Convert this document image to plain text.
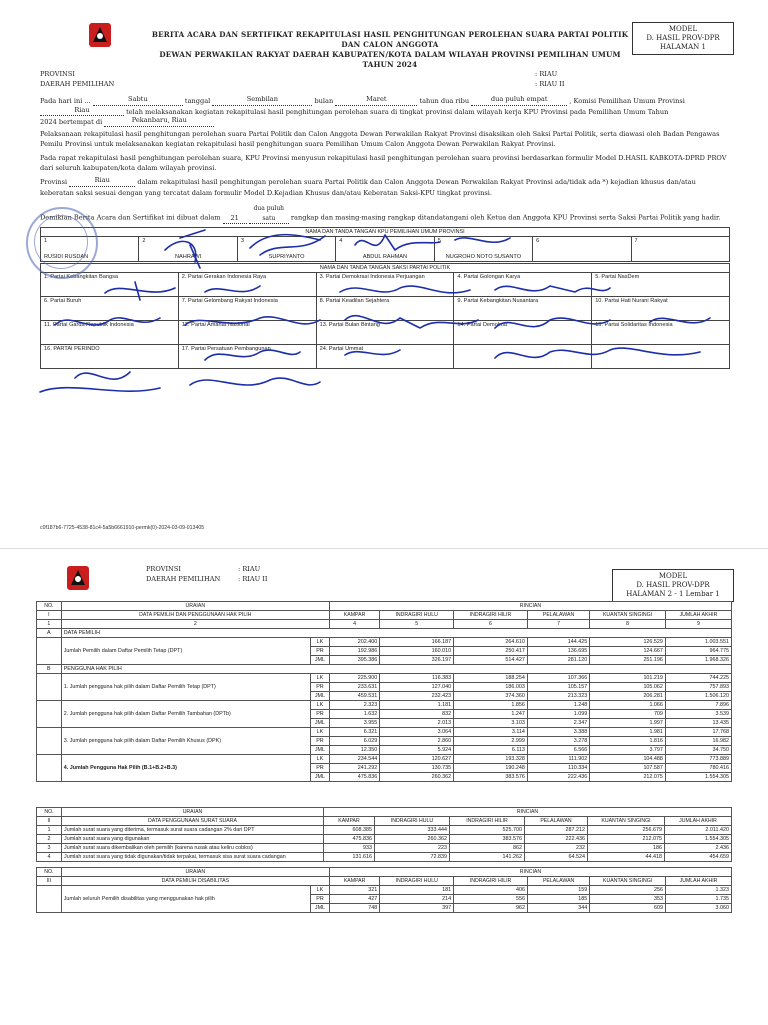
BERITA ACARA DAN SERTIFIKAT REKAPITULASI HASIL PENGHITUNGAN PEROLEHAN SUARA PARTAI POLITIK DAN CALON ANGGOTA
DEWAN PERWAKILAN RAKYAT DAERAH KABUPATEN/KOTA DALAM WILAYAH PROVINSI PEMILIHAN UMUM TAHUN 2024
MODEL
D. HASIL PROV-DPR
HALAMAN 1
PROVINSI
DAERAH PEMILIHAN
: RIAU
: RIAU II
Pada hari ini ...	Sabtu	tanggal	Sembilan	bulan	Maret	tahun dua ribu	dua puluh empat	, Komisi Pemilihan Umum Provinsi
Riau	telah melaksanakan kegiatan rekapitulasi hasil penghitungan perolehan suara di tingkat provinsi dalam wilayah kerja KPU Provinsi pada Pemilihan Umum Tahun
2024 bertempat di	Pekanbaru, Riau
Pelaksanaan rekapitulasi hasil penghitungan perolehan suara Partai Politik dan Calon Anggota Dewan Perwakilan Rakyat Provinsi disaksikan oleh Saksi Partai Politik, serta diawasi oleh Badan Pengawas Pemilu Provinsi untuk melaksanakan kegiatan rekapitulasi hasil penghitungan suara Pemilihan Umum Calon Anggota Dewan Perwakilan Rakyat Provinsi.
Pada rapat rekapitulasi hasil penghitungan perolehan suara, KPU Provinsi menyusun rekapitulasi hasil penghitungan perolehan suara provinsi berdasarkan formulir Model D.HASIL KABKOTA-DPRD PROV dari seluruh kabupaten/kota dalam wilayah provinsi.
Provinsi	Riau	dalam rekapitulasi hasil penghitungan perolehan suara Partai Politik dan Calon Anggota Dewan Perwakilan Rakyat Provinsi ada/tidak ada *) kejadian khusus dan/atau keberatan saksi sesuai dengan yang tercatat dalam formulir Model D.Kejadian Khusus dan/atau Keberatan Saksi-KPU tingkat provinsi.
Demikian Berita Acara dan Sertifikat ini dibuat dalam 21 dua puluh satu rangkap dan masing-masing rangkap ditandatangani oleh Ketua dan Anggota KPU Provinsi serta Saksi Partai Politik yang hadir.
NAMA DAN TANDA TANGAN KPU PEMILIHAN UMUM PROVINSI

1
RUSIDI RUSDAN

2
NAHRAWI

3
SUPRIYANTO

4
ABDUL RAHMAN

5
NUGROHO NOTO SUSANTO

6	7
NAMA DAN TANDA TANGAN SAKSI PARTAI POLITIK				
1. Partai Kebangkitan Bangsa	2. Partai Gerakan Indonesia Raya	3. Partai Demokrasi Indonesia Perjuangan	4. Partai Golongan Karya	5. Partai NasDem
6. Partai Buruh	7. Partai Gelombang Rakyat Indonesia	8. Partai Keadilan Sejahtera	9. Partai Kebangkitan Nusantara	10. Partai Hati Nurani Rakyat
11. Partai Garda Republik Indonesia	12. Partai Amanat Nasional	13. Partai Bulan Bintang	14. Partai Demokrat	15. Partai Solidaritas Indonesia
16. PARTAI PERINDO	17. Partai Persatuan Pembangunan	24. Partai Ummat		
c0f187b6-7725-4538-81c4-5a5b6661910-permk(0)-2024-03-09-013405
PROVINSI
DAERAH PEMILIHAN
: RIAU
: RIAU II	MODEL
D. HASIL PROV-DPR
HALAMAN 2 - 1 Lembar 1
NO.	URAIAN		RINCIAN					
I	DATA PEMILIH DAN PENGGUNAAN HAK PILIH		KAMPAR	INDRAGIRI HULU	INDRAGIRI HILIR	PELALAWAN	KUANTAN SINGINGI	JUMLAH AKHIR
1	2		4	5	6	7	8	9
A	DATA PEMILIH							
	Jumlah Pemilih dalam Daftar Pemilih Tetap (DPT)	LK	202.400	166.187	264.610	144.425	126.529	1.003.551
		PR	192.986	160.010	250.417	136.695	124.667	964.775
		JML	395.386	326.197	514.427	281.120	251.196	1.968.326
B	PENGGUNA HAK PILIH							
	1. Jumlah pengguna hak pilih dalam Daftar Pemilih Tetap (DPT)	LK	225.900	116.383	188.254	107.366	101.219	744.225
		PR	233.631	127.040	186.003	105.157	105.062	757.893
		JML	459.531	232.423	374.360	213.323	206.281	1.506.120
	2. Jumlah pengguna hak pilih dalam Daftar Pemilih Tambahan (DPTb)	LK	2.323	1.181	1.856	1.248	1.066	7.896
		PR	1.632	832	1.247	1.099	709	3.539
		JML	3.955	2.013	3.103	2.347	1.997	13.435
	3. Jumlah pengguna hak pilih dalam Daftar Pemilih Khusus (DPK)	LK	6.321	3.064	3.114	3.388	1.981	17.768
		PR	6.029	2.860	2.999	3.278	1.816	16.982
		JML	12.350	5.924	6.113	6.566	3.797	34.750
	4. Jumlah Pengguna Hak Pilih (B.1+B.2+B.3)	LK	234.544	120.627	193.328	111.902	104.488	773.889
		PR	241.292	130.735	190.248	110.334	107.587	780.416
		JML	475.836	260.362	383.576	222.436	212.075	1.554.305
NO.	URAIAN	RINCIAN					
II	DATA PENGGUNAAN SURAT SUARA	KAMPAR	INDRAGIRI HULU	INDRAGIRI HILIR	PELALAWAN	KUANTAN SINGINGI	JUMLAH AKHIR
1	Jumlah surat suara yang diterima, termasuk surat suara cadangan 2% dari DPT	608.385	333.444	525.700	287.212	256.679	2.011.420
2	Jumlah surat suara yang digunakan	475.836	260.362	383.576	222.436	212.075	1.554.305
3	Jumlah surat suara dikembalikan oleh pemilih (karena rusak atau keliru coblos)	933	223	862	232	186	2.436
4	Jumlah surat suara yang tidak digunakan/tidak terpakai, termasuk sisa surat suara cadangan	131.616	72.839	141.262	64.524	44.418	454.659
NO.	URAIAN		RINCIAN					
III	DATA PEMILIH DISABILITAS		KAMPAR	INDRAGIRI HULU	INDRAGIRI HILIR	PELALAWAN	KUANTAN SINGINGI	JUMLAH AKHIR
	Jumlah seluruh Pemilih disabilitas yang menggunakan hak pilih	LK	321	181	406	159	256	1.323
		PR	427	214	556	185	353	1.735
		JML	748	397	962	344	609	3.060
